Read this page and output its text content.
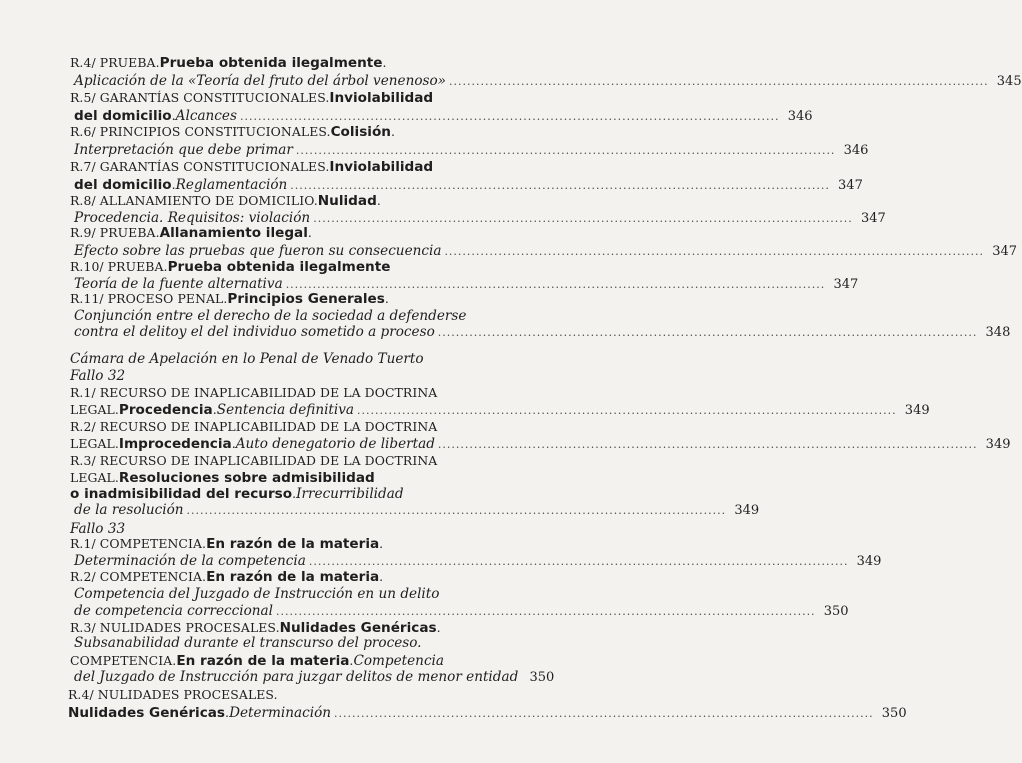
R.4/ PRUEBA. Prueba obtenida ilegalmente .
Aplicación de la «Teoría del fruto del árbol venenoso» ........................................................................................................................ 345
R.5/ GARANTÍAS CONSTITUCIONALES. Inviolabilidad
del domicilio . Alcances ........................................................................................................................ 346
R.6/ PRINCIPIOS CONSTITUCIONALES. Colisión .
Interpretación que debe primar ........................................................................................................................ 346
R.7/ GARANTÍAS CONSTITUCIONALES. Inviolabilidad
del domicilio . Reglamentación ........................................................................................................................ 347
R.8/ ALLANAMIENTO DE DOMICILIO. Nulidad .
Procedencia. Requisitos: violación ........................................................................................................................ 347
R.9/ PRUEBA. Allanamiento ilegal .
Efecto sobre las pruebas que fueron su consecuencia ........................................................................................................................ 347
R.10/ PRUEBA. Prueba obtenida ilegalmente
Teoría de la fuente alternativa ........................................................................................................................ 347
R.11/ PROCESO PENAL. Principios Generales .
Conjunción entre el derecho de la sociedad a defenderse
contra el delitoy el del individuo sometido a proceso ........................................................................................................................ 348
Cámara de Apelación en lo Penal de Venado Tuerto
Fallo 32
R.1/ RECURSO DE INAPLICABILIDAD DE LA DOCTRINA
LEGAL. Procedencia . Sentencia definitiva ........................................................................................................................ 349
R.2/ RECURSO DE INAPLICABILIDAD DE LA DOCTRINA
LEGAL. Improcedencia . Auto denegatorio de libertad ........................................................................................................................ 349
R.3/ RECURSO DE INAPLICABILIDAD DE LA DOCTRINA
LEGAL. Resoluciones sobre admisibilidad
o inadmisibilidad del recurso . Irrecurribilidad
de la resolución ........................................................................................................................ 349
Fallo 33
R.1/ COMPETENCIA. En razón de la materia .
Determinación de la competencia ........................................................................................................................ 349
R.2/ COMPETENCIA. En razón de la materia .
Competencia del Juzgado de Instrucción en un delito
de competencia correccional ........................................................................................................................ 350
R.3/ NULIDADES PROCESALES. Nulidades Genéricas .
Subsanabilidad durante el transcurso del proceso.
COMPETENCIA. En razón de la materia . Competencia
del Juzgado de Instrucción para juzgar delitos de menor entidad 350
R.4/ NULIDADES PROCESALES.
Nulidades Genéricas . Determinación ........................................................................................................................ 350
